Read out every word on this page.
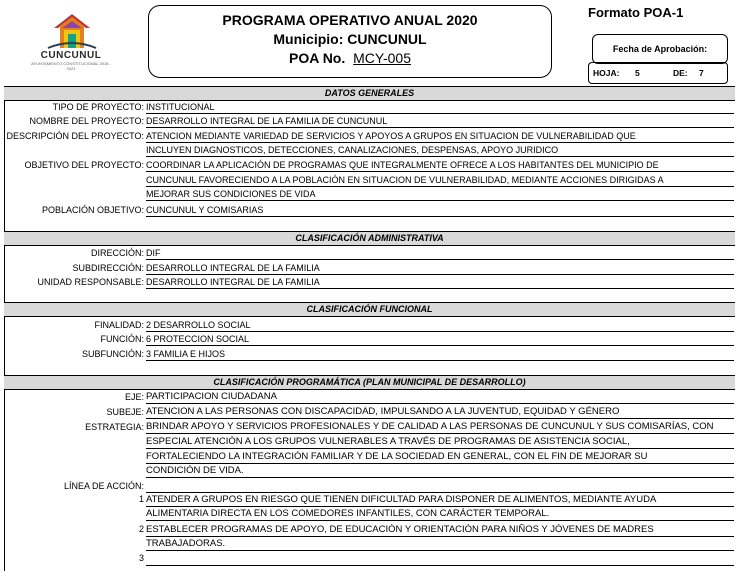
CUNCUNUL
AYUNTAMIENTO CONSTITUCIONAL 2018 - 2021
PROGRAMA OPERATIVO ANUAL 2020
Municipio: CUNCUNUL
POA No. MCY-005
Formato POA-1
Fecha de Aprobación:
HOJA: 5	DE: 7
DATOS GENERALES
TIPO DE PROYECTO: INSTITUCIONAL
NOMBRE DEL PROYECTO: DESARROLLO INTEGRAL DE LA FAMILIA DE CUNCUNUL
DESCRIPCIÓN DEL PROYECTO: ATENCION MEDIANTE VARIEDAD DE SERVICIOS Y APOYOS A GRUPOS EN SITUACION DE VULNERABILIDAD QUE
INCLUYEN DIAGNOSTICOS, DETECCIONES, CANALIZACIONES, DESPENSAS, APOYO JURIDICO
OBJETIVO DEL PROYECTO: COORDINAR LA APLICACIÓN DE PROGRAMAS QUE INTEGRALMENTE OFRECE A LOS HABITANTES DEL MUNICIPIO DE
CUNCUNUL FAVORECIENDO A LA POBLACIÓN EN SITUACION DE VULNERABILIDAD, MEDIANTE ACCIONES DIRIGIDAS A
MEJORAR SUS CONDICIONES DE VIDA
POBLACIÓN OBJETIVO: CUNCUNUL Y COMISARIAS
CLASIFICACIÓN ADMINISTRATIVA
DIRECCIÓN: DIF
SUBDIRECCIÓN: DESARROLLO INTEGRAL DE LA FAMILIA
UNIDAD RESPONSABLE: DESARROLLO INTEGRAL DE LA FAMILIA
CLASIFICACIÓN FUNCIONAL
FINALIDAD: 2 DESARROLLO SOCIAL
FUNCIÓN: 6 PROTECCION SOCIAL
SUBFUNCIÓN: 3 FAMILIA E HIJOS
CLASIFICACIÓN PROGRAMÁTICA (PLAN MUNICIPAL DE DESARROLLO)
EJE: PARTICIPACION CIUDADANA
SUBEJE: ATENCION A LAS PERSONAS CON DISCAPACIDAD, IMPULSANDO A LA JUVENTUD, EQUIDAD Y GÉNERO
ESTRATEGIA: BRINDAR APOYO Y SERVICIOS PROFESIONALES Y DE CALIDAD A LAS PERSONAS DE CUNCUNUL Y SUS COMISARÍAS, CON
ESPECIAL ATENCIÓN A LOS GRUPOS VULNERABLES A TRAVÉS DE PROGRAMAS DE ASISTENCIA SOCIAL,
FORTALECIENDO LA INTEGRACIÓN FAMILIAR Y DE LA SOCIEDAD EN GENERAL, CON EL FIN DE MEJORAR SU
CONDICIÓN DE VIDA.
LÍNEA DE ACCIÓN:
1 ATENDER A GRUPOS EN RIESGO QUE TIENEN DIFICULTAD PARA DISPONER DE ALIMENTOS, MEDIANTE AYUDA
ALIMENTARIA DIRECTA EN LOS COMEDORES INFANTILES, CON CARÁCTER TEMPORAL.
2 ESTABLECER PROGRAMAS DE APOYO, DE EDUCACIÓN Y ORIENTACIÓN PARA NIÑOS Y JÓVENES DE MADRES
TRABAJADORAS.
3
